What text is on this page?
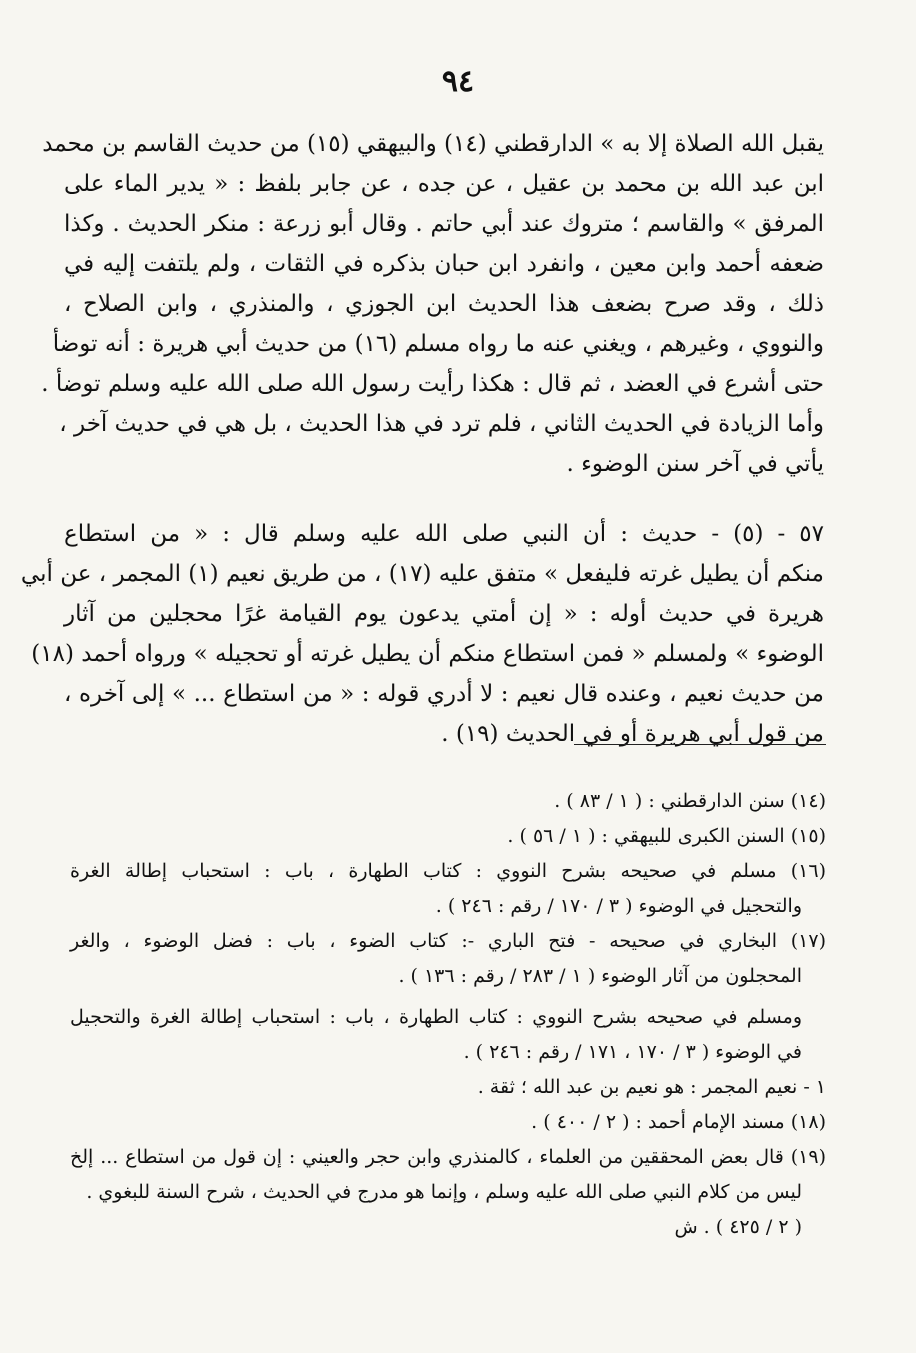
٩٤
يقبل الله الصلاة إلا به » الدارقطني (١٤) والبيهقي (١٥) من حديث القاسم بن محمد
ابن عبد الله بن محمد بن عقيل ، عن جده ، عن جابر بلفظ : « يدير الماء على
المرفق » والقاسم ؛ متروك عند أبي حاتم . وقال أبو زرعة : منكر الحديث . وكذا
ضعفه أحمد وابن معين ، وانفرد ابن حبان بذكره في الثقات ، ولم يلتفت إليه في
ذلك ، وقد صرح بضعف هذا الحديث ابن الجوزي ، والمنذري ، وابن الصلاح ،
والنووي ، وغيرهم ، ويغني عنه ما رواه مسلم (١٦) من حديث أبي هريرة : أنه توضأ
حتى أشرع في العضد ، ثم قال : هكذا رأيت رسول الله صلى الله عليه وسلم توضأ .
وأما الزيادة في الحديث الثاني ، فلم ترد في هذا الحديث ، بل هي في حديث آخر ،
يأتي في آخر سنن الوضوء .
٥٧ - (٥) - حديث : أن النبي صلى الله عليه وسلم قال : « من استطاع
منكم أن يطيل غرته فليفعل » متفق عليه (١٧) ، من طريق نعيم (١) المجمر ، عن أبي
هريرة في حديث أوله : « إن أمتي يدعون يوم القيامة غرًا محجلين من آثار
الوضوء » ولمسلم « فمن استطاع منكم أن يطيل غرته أو تحجيله » ورواه أحمد (١٨)
من حديث نعيم ، وعنده قال نعيم : لا أدري قوله : « من استطاع ... » إلى آخره ،
من قول أبي هريرة أو في الحديث (١٩) .
(١٤) سنن الدارقطني : ( ١ / ٨٣ ) .
(١٥) السنن الكبرى للبيهقي : ( ١ / ٥٦ ) .
(١٦) مسلم في صحيحه بشرح النووي : كتاب الطهارة ، باب : استحباب إطالة الغرة
والتحجيل في الوضوء ( ٣ / ١٧٠ / رقم : ٢٤٦ ) .
(١٧) البخاري في صحيحه - فتح الباري -: كتاب الضوء ، باب : فضل الوضوء ، والغر
المحجلون من آثار الوضوء ( ١ / ٢٨٣ / رقم : ١٣٦ ) .
ومسلم في صحيحه بشرح النووي : كتاب الطهارة ، باب : استحباب إطالة الغرة والتحجيل
في الوضوء ( ٣ / ١٧٠ ، ١٧١ / رقم : ٢٤٦ ) .
١ - نعيم المجمر : هو نعيم بن عبد الله ؛ ثقة .
(١٨) مسند الإمام أحمد : ( ٢ / ٤٠٠ ) .
(١٩) قال بعض المحققين من العلماء ، كالمنذري وابن حجر والعيني : إن قول من استطاع ... إلخ
ليس من كلام النبي صلى الله عليه وسلم ، وإنما هو مدرج في الحديث ، شرح السنة للبغوي .
( ٢ / ٤٢٥ ) . ش
